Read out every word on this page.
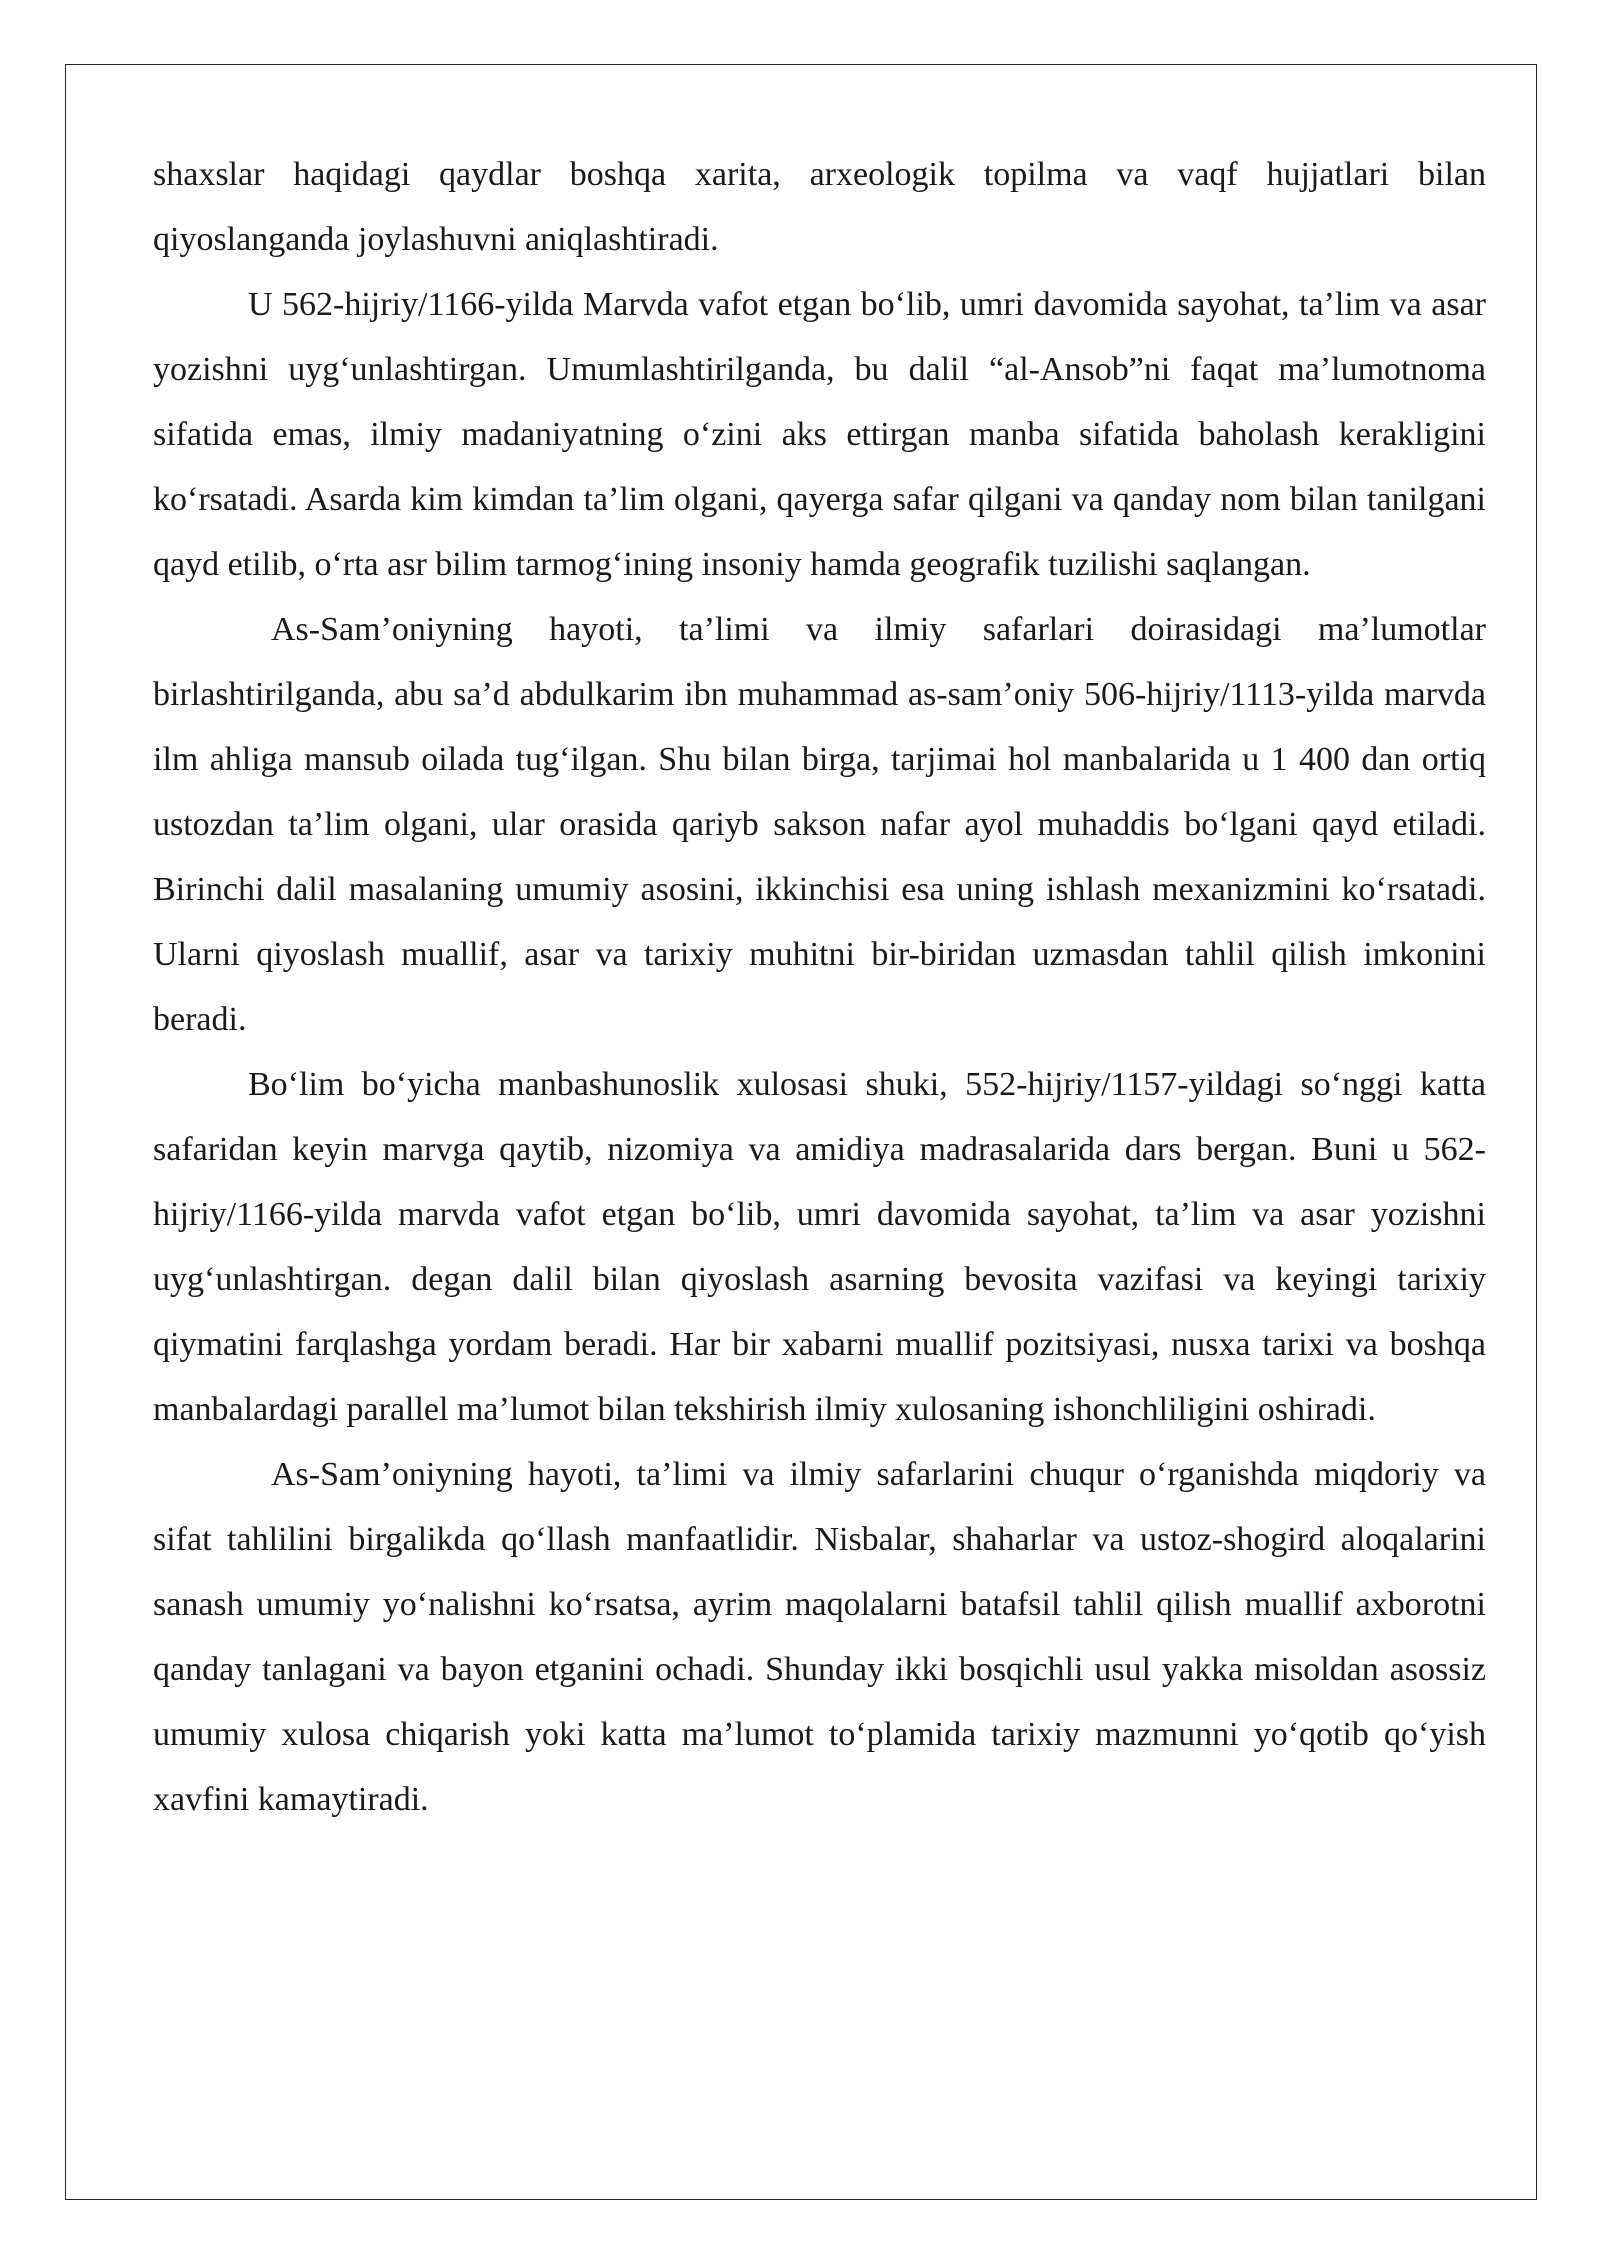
shaxslar haqidagi qaydlar boshqa xarita, arxeologik topilma va vaqf hujjatlari bilan qiyoslanganda joylashuvni aniqlashtiradi.

U 562-hijriy/1166-yilda Marvda vafot etgan bo‘lib, umri davomida sayohat, ta’lim va asar yozishni uyg‘unlashtirgan. Umumlashtirilganda, bu dalil “al-Ansob”ni faqat ma’lumotnoma sifatida emas, ilmiy madaniyatning o‘zini aks ettirgan manba sifatida baholash kerakligini ko‘rsatadi. Asarda kim kimdan ta’lim olgani, qayerga safar qilgani va qanday nom bilan tanilgani qayd etilib, o‘rta asr bilim tarmog‘ining insoniy hamda geografik tuzilishi saqlangan.

As-Sam’oniyning hayoti, ta’limi va ilmiy safarlari doirasidagi ma’lumotlar birlashtirilganda, abu sa’d abdulkarim ibn muhammad as-sam’oniy 506-hijriy/1113-yilda marvda ilm ahliga mansub oilada tug‘ilgan. Shu bilan birga, tarjimai hol manbalarida u 1 400 dan ortiq ustozdan ta’lim olgani, ular orasida qariyb sakson nafar ayol muhaddis bo‘lgani qayd etiladi. Birinchi dalil masalaning umumiy asosini, ikkinchisi esa uning ishlash mexanizmini ko‘rsatadi. Ularni qiyoslash muallif, asar va tarixiy muhitni bir-biridan uzmasdan tahlil qilish imkonini beradi.

Bo‘lim bo‘yicha manbashunoslik xulosasi shuki, 552-hijriy/1157-yildagi so‘nggi katta safaridan keyin marvga qaytib, nizomiya va amidiya madrasalarida dars bergan. Buni u 562-hijriy/1166-yilda marvda vafot etgan bo‘lib, umri davomida sayohat, ta’lim va asar yozishni uyg‘unlashtirgan. degan dalil bilan qiyoslash asarning bevosita vazifasi va keyingi tarixiy qiymatini farqlashga yordam beradi. Har bir xabarni muallif pozitsiyasi, nusxa tarixi va boshqa manbalardagi parallel ma’lumot bilan tekshirish ilmiy xulosaning ishonchliligini oshiradi.

As-Sam’oniyning hayoti, ta’limi va ilmiy safarlarini chuqur o‘rganishda miqdoriy va sifat tahlilini birgalikda qo‘llash manfaatlidir. Nisbalar, shaharlar va ustoz-shogird aloqalarini sanash umumiy yo‘nalishni ko‘rsatsa, ayrim maqolalarni batafsil tahlil qilish muallif axborotni qanday tanlagani va bayon etganini ochadi. Shunday ikki bosqichli usul yakka misoldan asossiz umumiy xulosa chiqarish yoki katta ma’lumot to‘plamida tarixiy mazmunni yo‘qotib qo‘yish xavfini kamaytiradi.
